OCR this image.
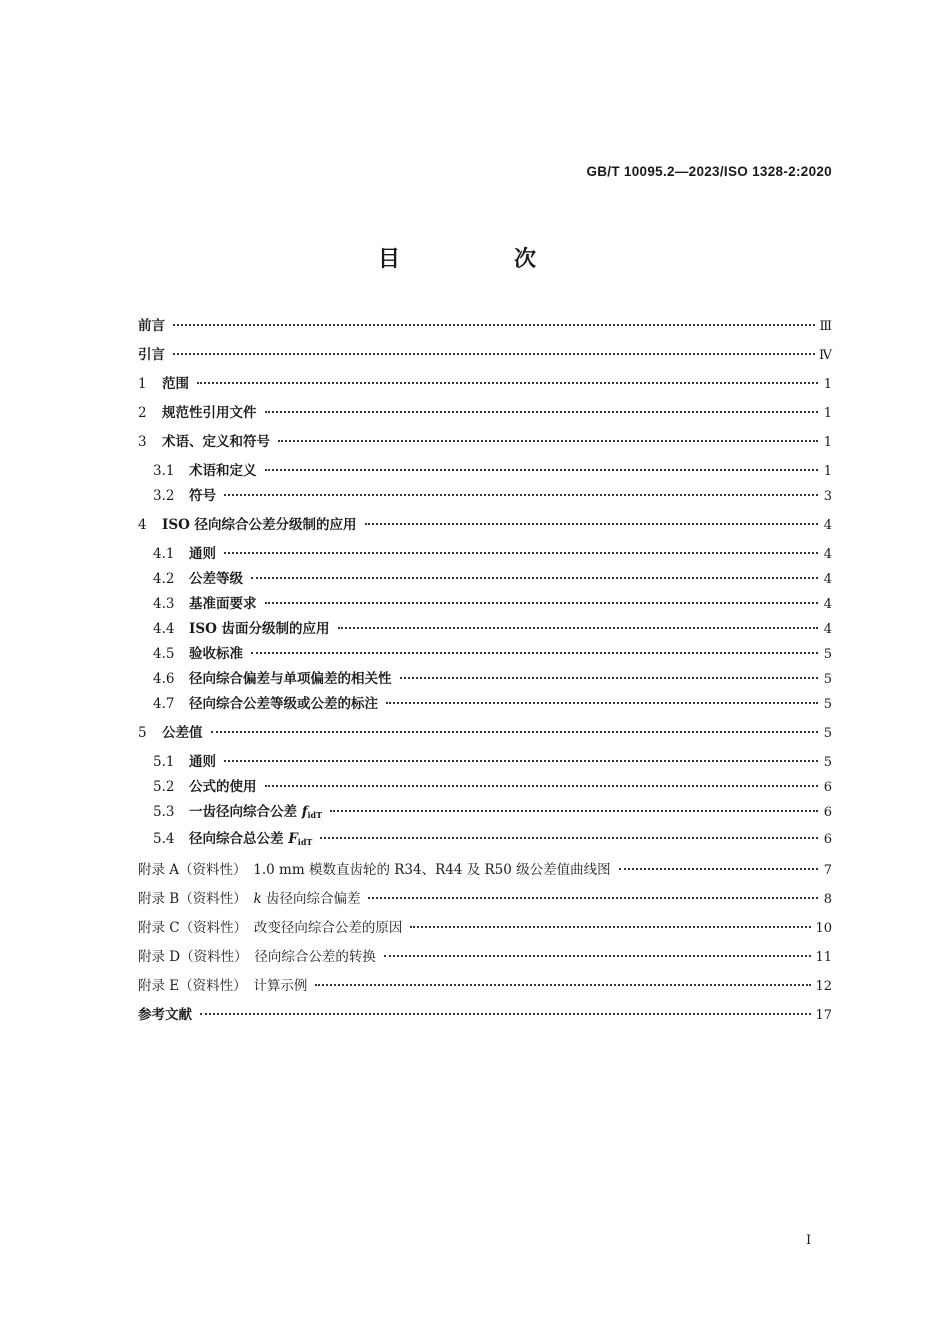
GB/T 10095.2—2023/ISO 1328-2:2020
目　次
前言	Ⅲ
引言	Ⅳ
1	范围	1
2	规范性引用文件	1
3	术语、定义和符号	1
3.1	术语和定义	1
3.2	符号	3
4	ISO 径向综合公差分级制的应用	4
4.1	通则	4
4.2	公差等级	4
4.3	基准面要求	4
4.4	ISO 齿面分级制的应用	4
4.5	验收标准	5
4.6	径向综合偏差与单项偏差的相关性	5
4.7	径向综合公差等级或公差的标注	5
5	公差值	5
5.1	通则	5
5.2	公式的使用	6
5.3	一齿径向综合公差 $f_{idT}$	6
5.4	径向综合总公差 $F_{idT}$	6
附录 A（资料性）　1.0 mm 模数直齿轮的 R34、R44 及 R50 级公差值曲线图	7
附录 B（资料性）　k 齿径向综合偏差	8
附录 C（资料性）　改变径向综合公差的原因	10
附录 D（资料性）　径向综合公差的转换	11
附录 E（资料性）　计算示例	12
参考文献	17
Ⅰ
